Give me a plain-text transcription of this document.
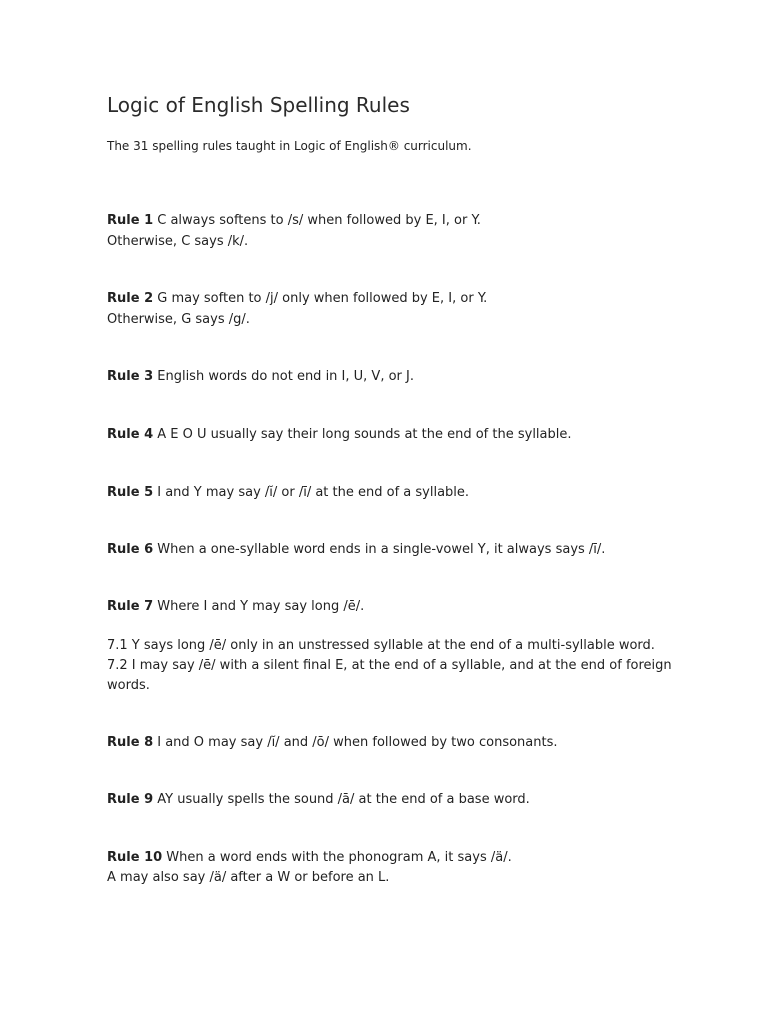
Logic of English Spelling Rules

The 31 spelling rules taught in Logic of English® curriculum.

Rule 1 C always softens to /s/ when followed by E, I, or Y.

Otherwise, C says /k/.

Rule 2 G may soften to /j/ only when followed by E, I, or Y.

Otherwise, G says /g/.

Rule 3 English words do not end in I, U, V, or J.

Rule 4 A E O U usually say their long sounds at the end of the syllable.

Rule 5 I and Y may say /ĭ/ or /ī/ at the end of a syllable.

Rule 6 When a one-syllable word ends in a single-vowel Y, it always says /ī/.

Rule 7 Where I and Y may say long /ē/.

7.1 Y says long /ē/ only in an unstressed syllable at the end of a multi-syllable word.

7.2 I may say /ē/ with a silent final E, at the end of a syllable, and at the end of foreign

words.

Rule 8 I and O may say /ĭ/ and /ō/ when followed by two consonants.

Rule 9 AY usually spells the sound /ā/ at the end of a base word.

Rule 10 When a word ends with the phonogram A, it says /ä/.

A may also say /ä/ after a W or before an L.
